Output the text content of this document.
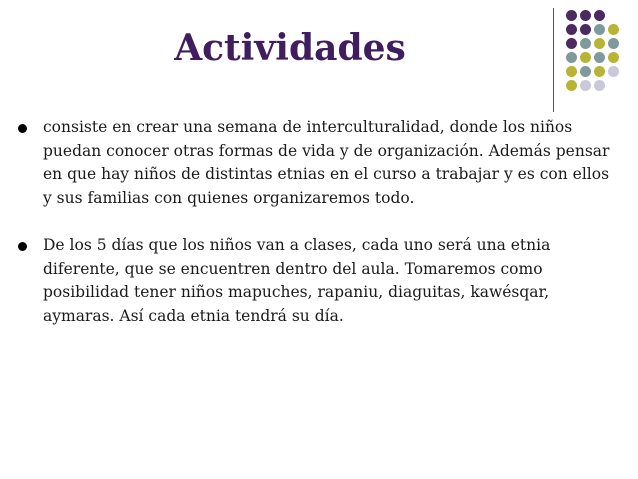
Actividades

consiste en crear una semana de interculturalidad, donde los niños puedan conocer otras formas de vida y de organización. Además pensar en que hay niños de distintas etnias en el curso a trabajar y es con ellos y sus familias con quienes organizaremos todo.

De los 5 días que los niños van a clases, cada uno será una etnia diferente, que se encuentren dentro del aula. Tomaremos como posibilidad tener niños mapuches, rapaniu, diaguitas, kawésqar, aymaras. Así cada etnia tendrá su día.
